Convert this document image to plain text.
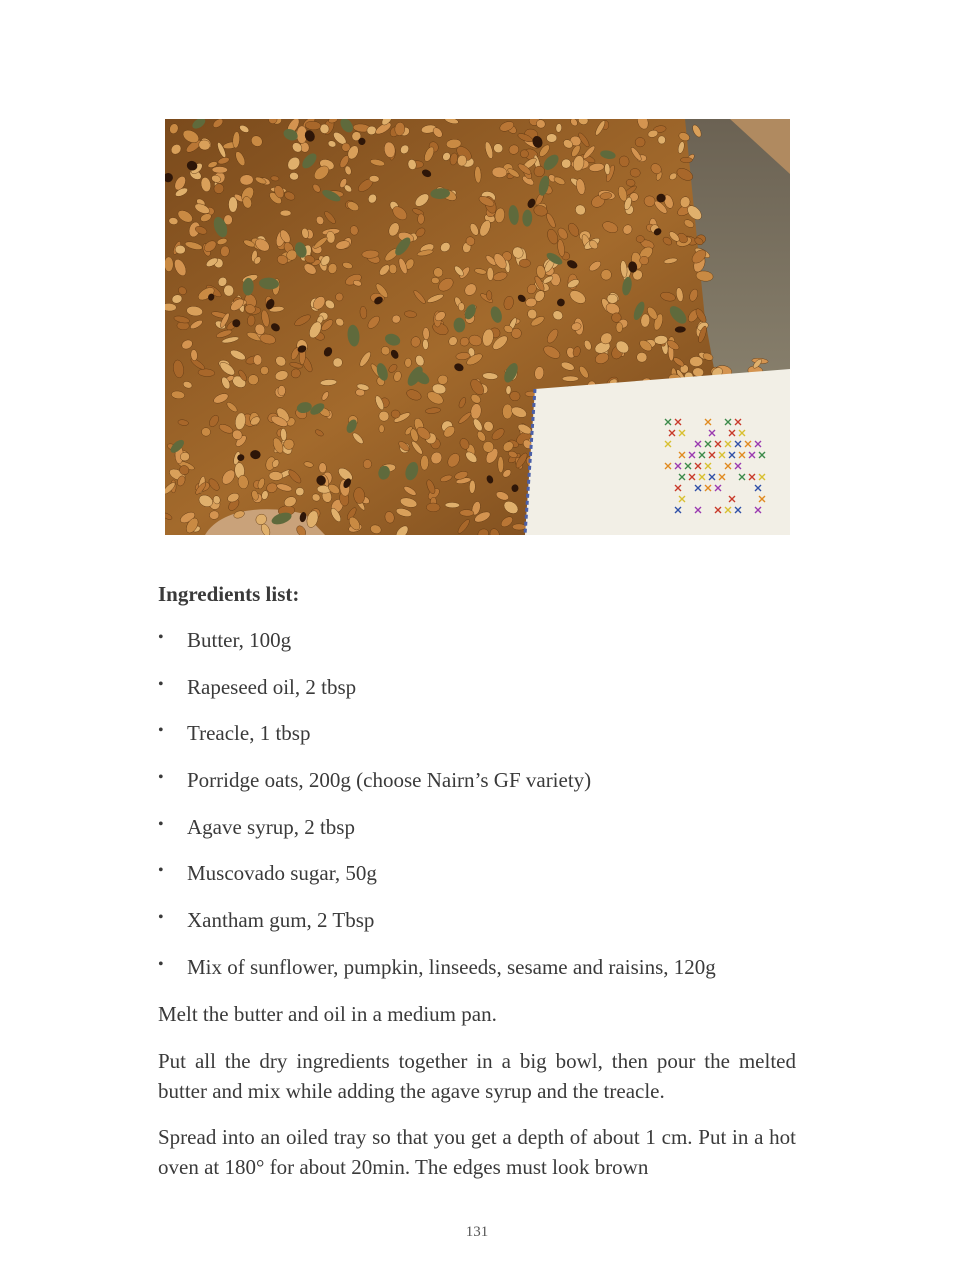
Ingredients list:
• Butter, 100g
• Rapeseed oil, 2 tbsp
• Treacle, 1 tbsp
• Porridge oats, 200g (choose Nairn’s GF variety)
• Agave syrup, 2 tbsp
• Muscovado sugar, 50g
• Xantham gum, 2 Tbsp
• Mix of sunflower, pumpkin, linseeds, sesame and raisins, 120g

Melt the butter and oil in a medium pan.

Put all the dry ingredients together in a big bowl, then pour the melted butter and mix while adding the agave syrup and the treacle.

Spread into an oiled tray so that you get a depth of about 1 cm. Put in a hot oven at 180° for about 20min. The edges must look brown

131
